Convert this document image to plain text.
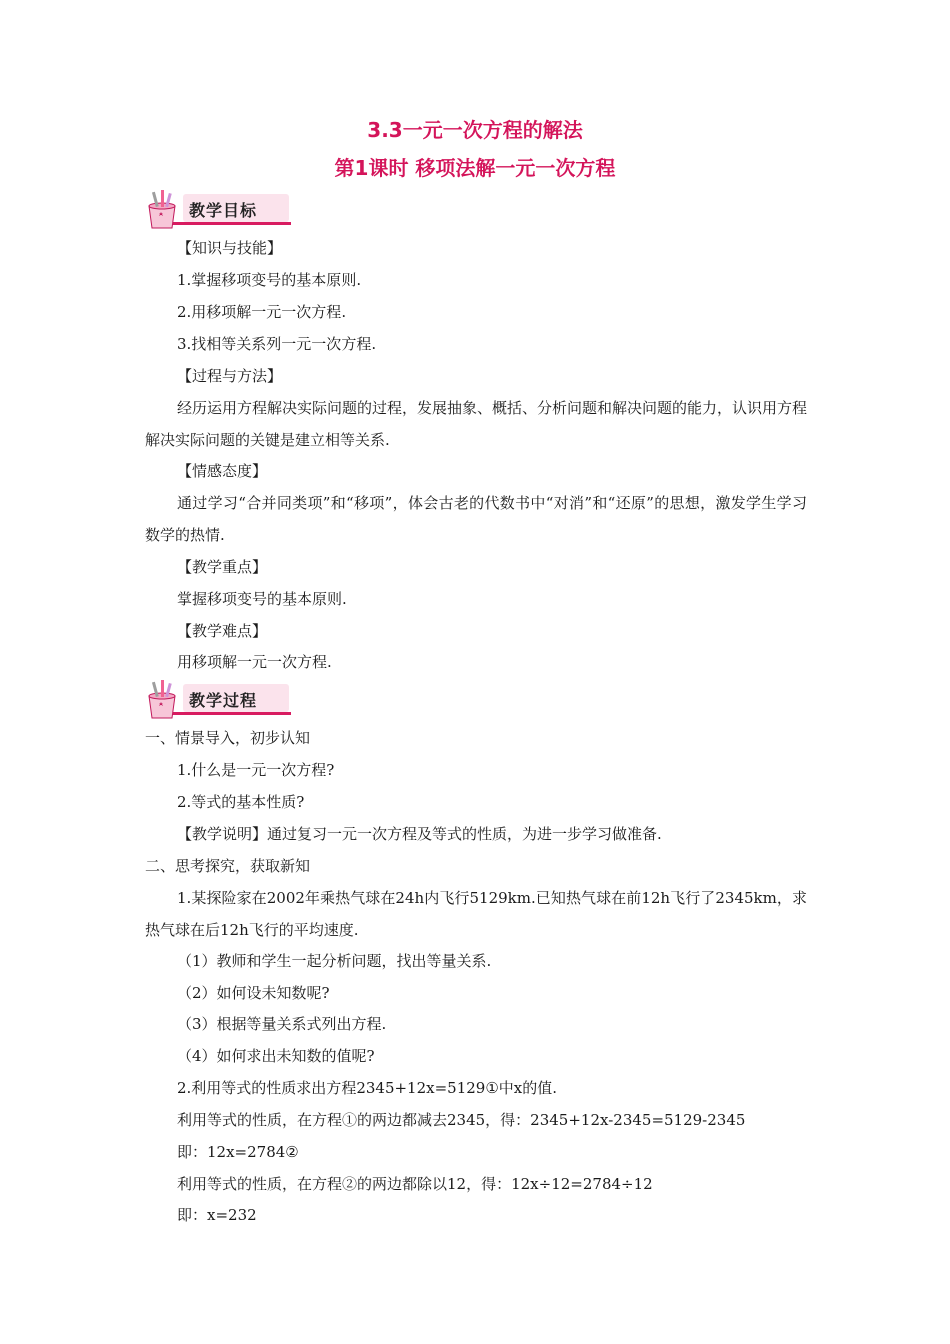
3.3一元一次方程的解法
第1课时 移项法解一元一次方程
教学目标
【知识与技能】
1.掌握移项变号的基本原则.
2.用移项解一元一次方程.
3.找相等关系列一元一次方程.
【过程与方法】
经历运用方程解决实际问题的过程，发展抽象、概括、分析问题和解决问题的能力，认识用方程解决实际问题的关键是建立相等关系.
【情感态度】
通过学习“合并同类项”和“移项”，体会古老的代数书中“对消”和“还原”的思想，激发学生学习数学的热情.
【教学重点】
掌握移项变号的基本原则.
【教学难点】
用移项解一元一次方程.
教学过程
一、情景导入，初步认知
1.什么是一元一次方程?
2.等式的基本性质?
【教学说明】通过复习一元一次方程及等式的性质，为进一步学习做准备.
二、思考探究，获取新知
1.某探险家在2002年乘热气球在24h内飞行5129km.已知热气球在前12h飞行了2345km，求热气球在后12h飞行的平均速度.
（1）教师和学生一起分析问题，找出等量关系.
（2）如何设未知数呢?
（3）根据等量关系式列出方程.
（4）如何求出未知数的值呢?
2.利用等式的性质求出方程2345+12x=5129①中x的值.
利用等式的性质，在方程①的两边都减去2345，得：2345+12x-2345=5129-2345
即：12x=2784②
利用等式的性质，在方程②的两边都除以12，得：12x÷12=2784÷12
即：x=232
